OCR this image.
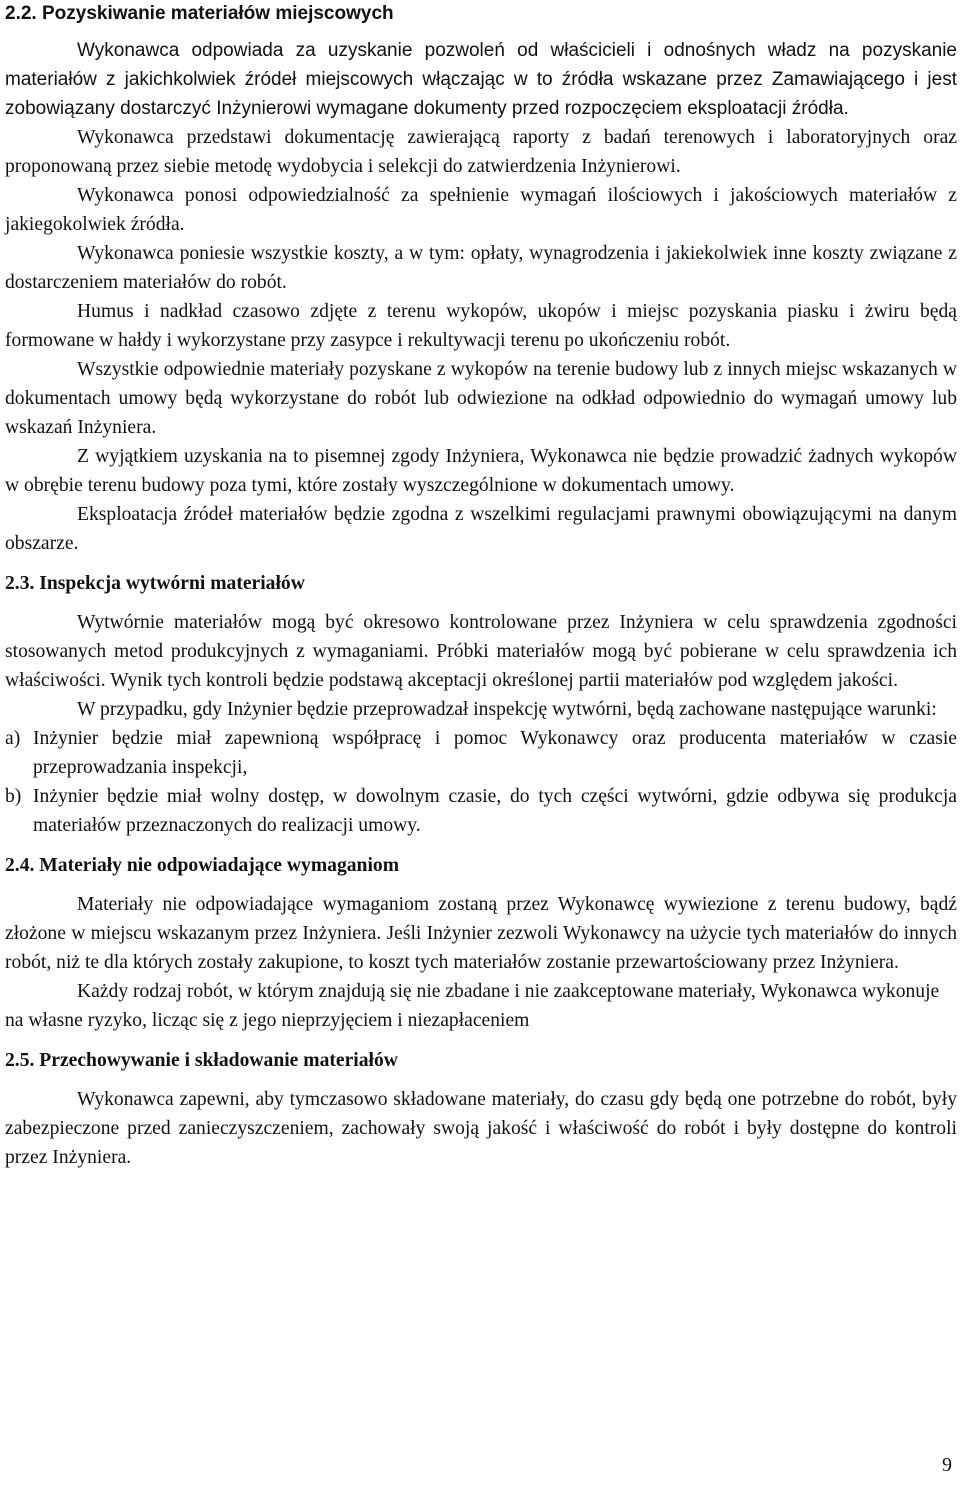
2.2. Pozyskiwanie materiałów miejscowych

Wykonawca odpowiada za uzyskanie pozwoleń od właścicieli i odnośnych władz na pozyskanie materiałów z jakichkolwiek źródeł miejscowych włączając w to źródła wskazane przez Zamawiającego i jest zobowiązany dostarczyć Inżynierowi wymagane dokumenty przed rozpoczęciem eksploatacji źródła.

Wykonawca przedstawi dokumentację zawierającą raporty z badań terenowych i laboratoryjnych oraz proponowaną przez siebie metodę wydobycia i selekcji do zatwierdzenia Inżynierowi.

Wykonawca ponosi odpowiedzialność za spełnienie wymagań ilościowych i jakościowych materiałów z jakiegokolwiek źródła.

Wykonawca poniesie wszystkie koszty, a w tym: opłaty, wynagrodzenia i jakiekolwiek inne koszty związane z dostarczeniem materiałów do robót.

Humus i nadkład czasowo zdjęte z terenu wykopów, ukopów i miejsc pozyskania piasku i żwiru będą formowane w hałdy i wykorzystane przy zasypce i rekultywacji terenu po ukończeniu robót.

Wszystkie odpowiednie materiały pozyskane z wykopów na terenie budowy lub z innych miejsc wskazanych w dokumentach umowy będą wykorzystane do robót lub odwiezione na odkład odpowiednio do wymagań umowy lub wskazań Inżyniera.

Z wyjątkiem uzyskania na to pisemnej zgody Inżyniera, Wykonawca nie będzie prowadzić żadnych wykopów w obrębie terenu budowy poza tymi, które zostały wyszczególnione w dokumentach umowy.

Eksploatacja źródeł materiałów będzie zgodna z wszelkimi regulacjami prawnymi obowiązującymi na danym obszarze.

2.3. Inspekcja wytwórni materiałów

Wytwórnie materiałów mogą być okresowo kontrolowane przez Inżyniera w celu sprawdzenia zgodności stosowanych metod produkcyjnych z wymaganiami. Próbki materiałów mogą być pobierane w celu sprawdzenia ich właściwości. Wynik tych kontroli będzie podstawą akceptacji określonej partii materiałów pod względem jakości.

W przypadku, gdy Inżynier będzie przeprowadzał inspekcję wytwórni, będą zachowane następujące warunki:

a) Inżynier będzie miał zapewnioną współpracę i pomoc Wykonawcy oraz producenta materiałów w czasie przeprowadzania inspekcji,
b) Inżynier będzie miał wolny dostęp, w dowolnym czasie, do tych części wytwórni, gdzie odbywa się produkcja materiałów przeznaczonych do realizacji umowy.
2.4. Materiały nie odpowiadające wymaganiom

Materiały nie odpowiadające wymaganiom zostaną przez Wykonawcę wywiezione z terenu budowy, bądź złożone w miejscu wskazanym przez Inżyniera. Jeśli Inżynier zezwoli Wykonawcy na użycie tych materiałów do innych robót, niż te dla których zostały zakupione, to koszt tych materiałów zostanie przewartościowany przez Inżyniera.

Każdy rodzaj robót, w którym znajdują się nie zbadane i nie zaakceptowane materiały, Wykonawca wykonuje na własne ryzyko, licząc się z jego nieprzyjęciem i niezapłaceniem

2.5. Przechowywanie i składowanie materiałów

Wykonawca zapewni, aby tymczasowo składowane materiały, do czasu gdy będą one potrzebne do robót, były zabezpieczone przed zanieczyszczeniem, zachowały swoją jakość i właściwość do robót i były dostępne do kontroli przez Inżyniera.

9
